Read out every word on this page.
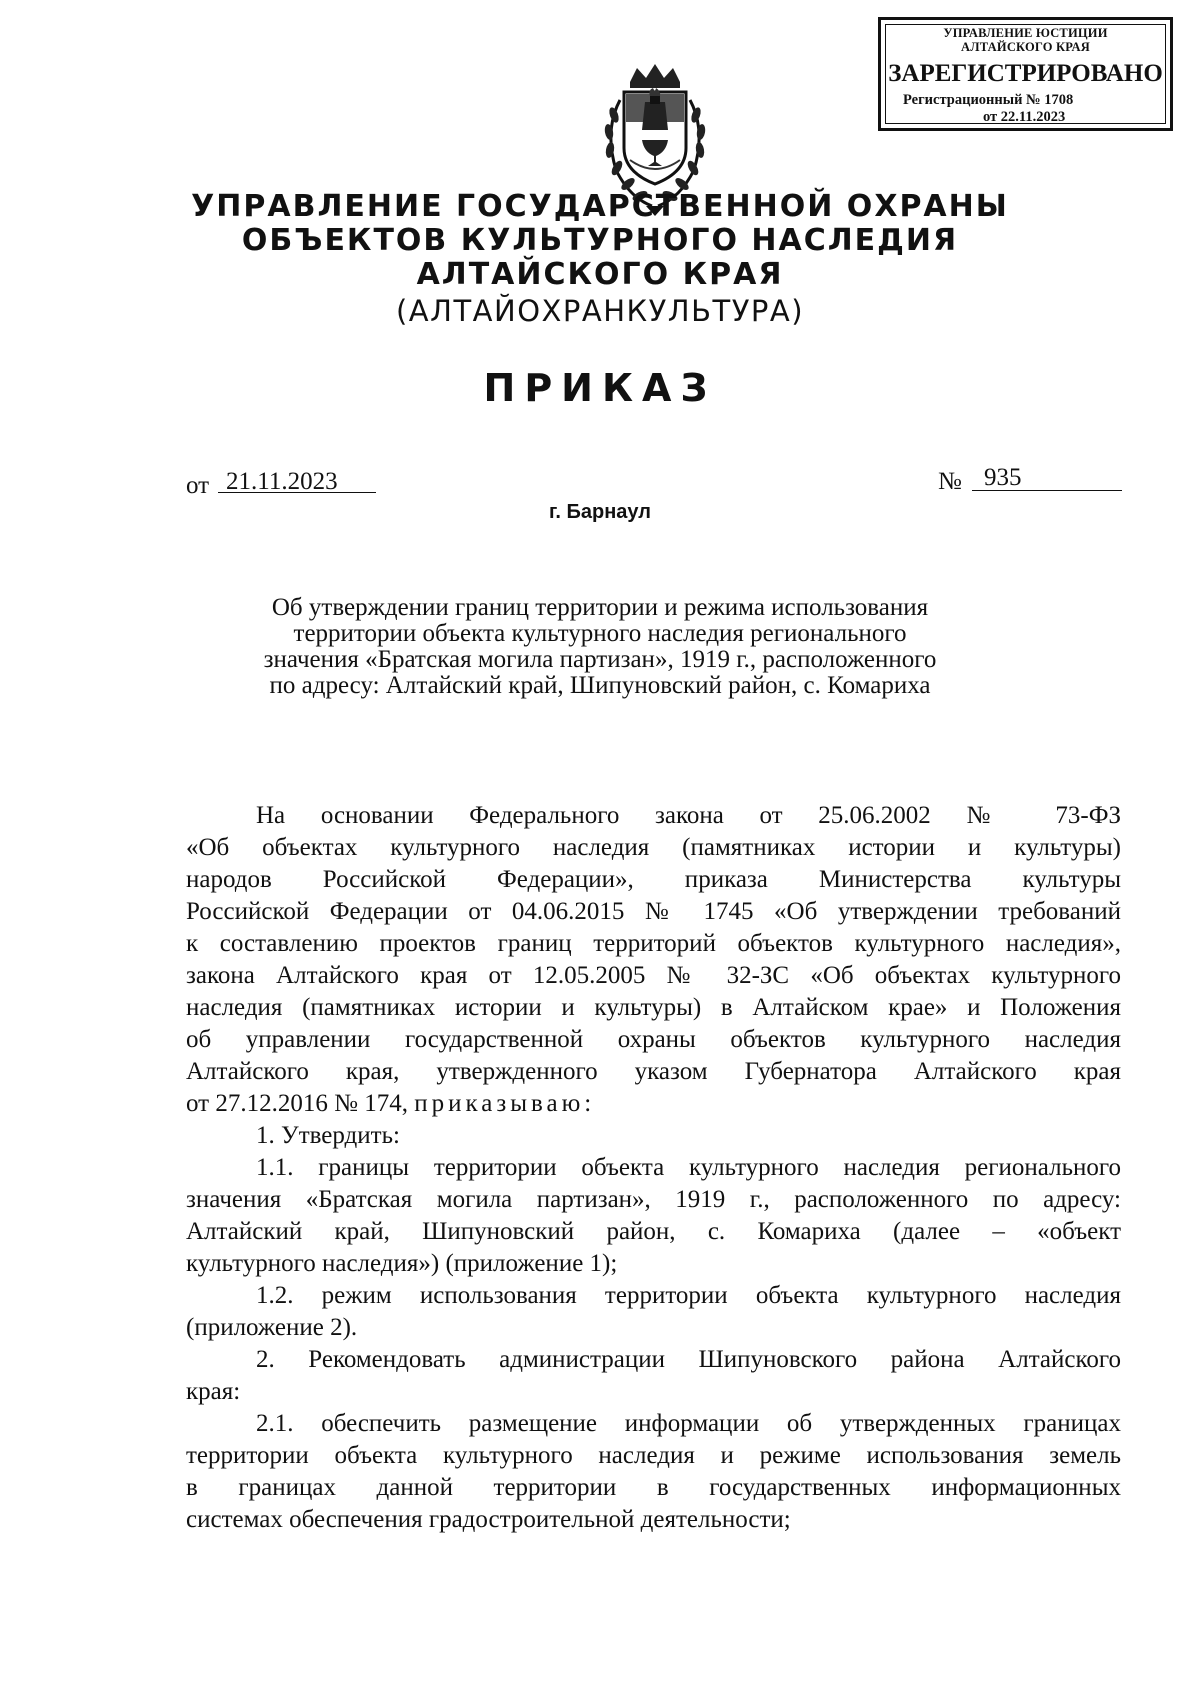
УПРАВЛЕНИЕ ЮСТИЦИИ
АЛТАЙСКОГО КРАЯ
ЗАРЕГИСТРИРОВАНО
Регистрационный № 1708
от 22.11.2023
УПРАВЛЕНИЕ ГОСУДАРСТВЕННОЙ ОХРАНЫ
ОБЪЕКТОВ КУЛЬТУРНОГО НАСЛЕДИЯ
АЛТАЙСКОГО КРАЯ
(АЛТАЙОХРАНКУЛЬТУРА)
ПРИКАЗ
от 21.11.2023	№ 935
г. Барнаул
Об утверждении границ территории и режима использования
территории объекта культурного наследия регионального
значения «Братская могила партизан», 1919 г., расположенного
по адресу: Алтайский край, Шипуновский район, с. Комариха
На основании Федерального закона от 25.06.2002 № 73-ФЗ
«Об объектах культурного наследия (памятниках истории и культуры)
народов Российской Федерации», приказа Министерства культуры
Российской Федерации от 04.06.2015 № 1745 «Об утверждении требований
к составлению проектов границ территорий объектов культурного наследия»,
закона Алтайского края от 12.05.2005 № 32-ЗС «Об объектах культурного
наследия (памятниках истории и культуры) в Алтайском крае» и Положения
об управлении государственной охраны объектов культурного наследия
Алтайского края, утвержденного указом Губернатора Алтайского края
от 27.12.2016 № 174, приказываю:
1. Утвердить:
1.1. границы территории объекта культурного наследия регионального
значения «Братская могила партизан», 1919 г., расположенного по адресу:
Алтайский край, Шипуновский район, с. Комариха (далее – «объект
культурного наследия») (приложение 1);
1.2. режим использования территории объекта культурного наследия
(приложение 2).
2. Рекомендовать администрации Шипуновского района Алтайского
края:
2.1. обеспечить размещение информации об утвержденных границах
территории объекта культурного наследия и режиме использования земель
в границах данной территории в государственных информационных
системах обеспечения градостроительной деятельности;
